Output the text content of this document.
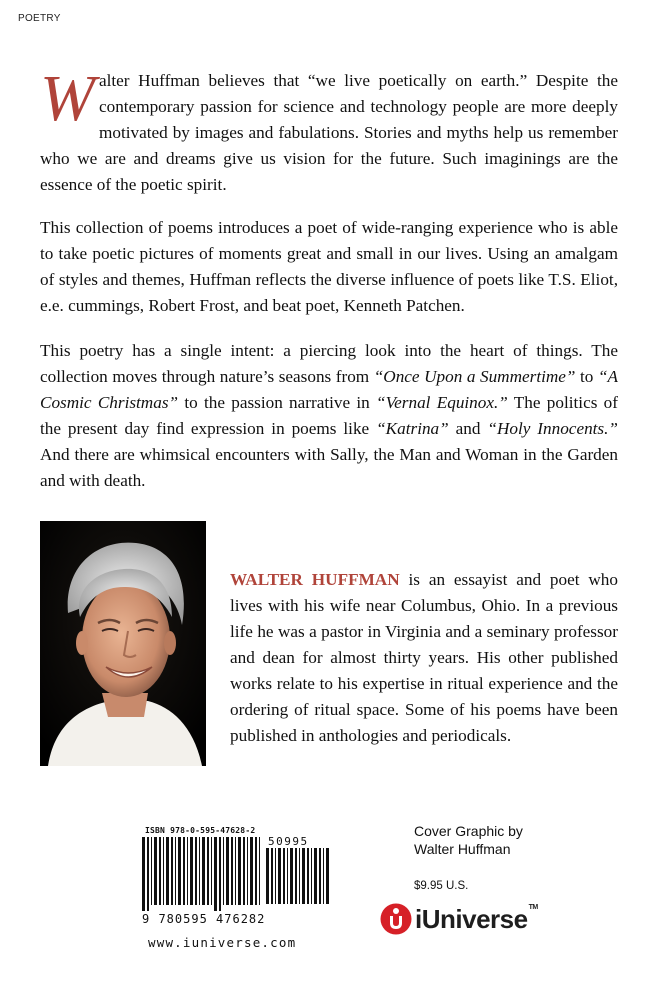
POETRY
Walter Huffman believes that “we live poetically on earth.” Despite the contemporary passion for science and technology people are more deeply motivated by images and fabulations. Stories and myths help us remember who we are and dreams give us vision for the future. Such imaginings are the essence of the poetic spirit.
This collection of poems introduces a poet of wide-ranging experience who is able to take poetic pictures of moments great and small in our lives. Using an amalgam of styles and themes, Huffman reflects the diverse influence of poets like T.S. Eliot, e.e. cummings, Robert Frost, and beat poet, Kenneth Patchen.
This poetry has a single intent: a piercing look into the heart of things. The collection moves through nature’s seasons from “Once Upon a Summertime” to “A Cosmic Christmas” to the passion narrative in “Vernal Equinox.” The politics of the present day find expression in poems like “Katrina” and “Holy Innocents.” And there are whimsical encounters with Sally, the Man and Woman in the Garden and with death.
WALTER HUFFMAN is an essayist and poet who lives with his wife near Columbus, Ohio. In a previous life he was a pastor in Virginia and a seminary professor and dean for almost thirty years. His other published works relate to his expertise in ritual experience and the ordering of ritual space. Some of his poems have been published in anthologies and periodicals.
ISBN 978-0-595-47628-2
50995
9 780595 476282
www.iuniverse.com
Cover Graphic by
Walter Huffman
$9.95 U.S.
iUniverse™
